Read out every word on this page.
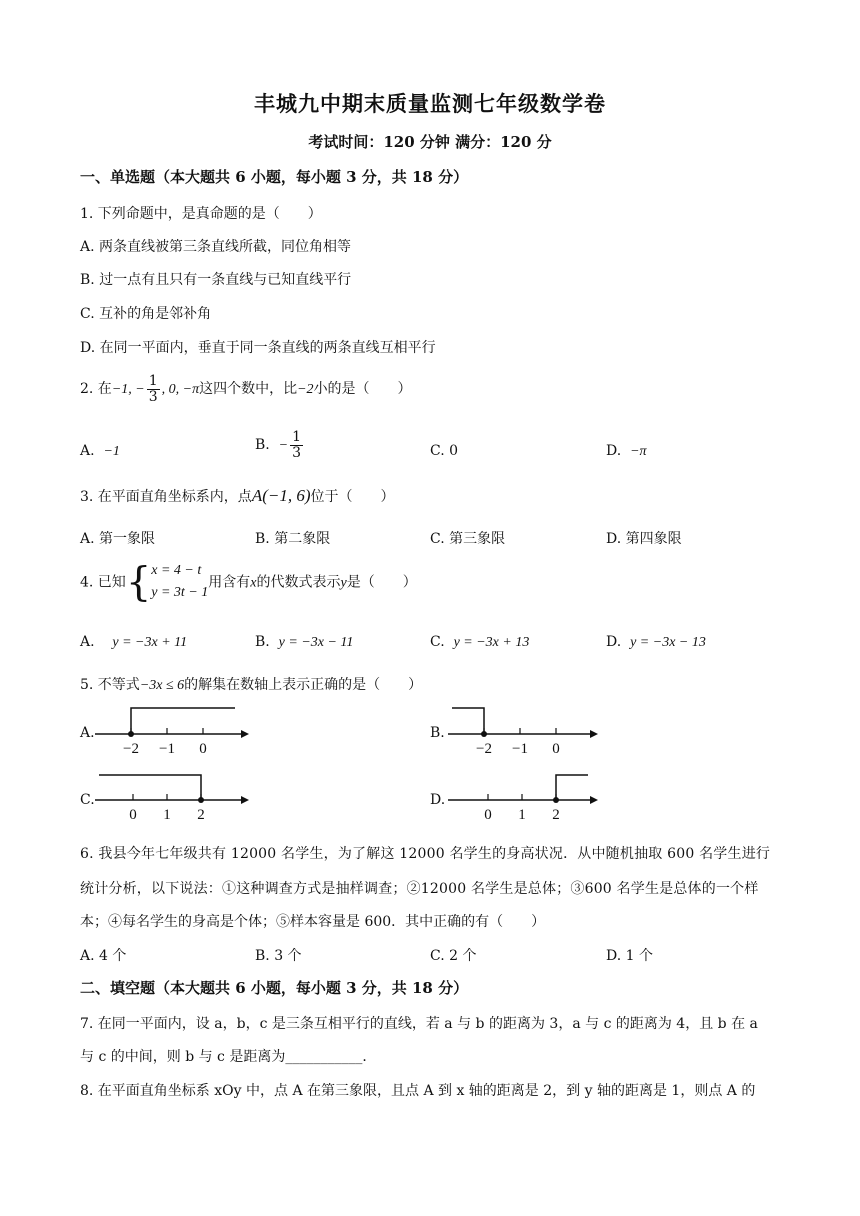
丰城九中期末质量监测七年级数学卷
考试时间：120 分钟 满分：120 分
一、单选题（本大题共 6 小题，每小题 3 分，共 18 分）
1. 下列命题中，是真命题的是（　　）
A. 两条直线被第三条直线所截，同位角相等
B. 过一点有且只有一条直线与已知直线平行
C. 互补的角是邻补角
D. 在同一平面内，垂直于同一条直线的两条直线互相平行
2. 在−1, − $\frac{1}{3}$ , 0, −π这四个数中，比−2小的是（　　）
A. −1	B. − $\frac{1}{3}$	C. 0	D. −π
3. 在平面直角坐标系内，点A(−1, 6)位于（　　）
A. 第一象限	B. 第二象限	C. 第三象限	D. 第四象限
4. 已知{ x = 4 − t
y = 3t − 1
用含有x的代数式表示y是（　　）
A. y = −3x + 11	B. y = −3x − 11	C. y = −3x + 13	D. y = −3x − 13
5. 不等式−3x ≤ 6的解集在数轴上表示正确的是（　　）
A.
−2 −1 0
B.
−2 −1 0
C.
0 1 2
D.
0 1 2
6. 我县今年七年级共有 12000 名学生，为了解这 12000 名学生的身高状况．从中随机抽取 600 名学生进行
统计分析，以下说法：①这种调查方式是抽样调查；②12000 名学生是总体；③600 名学生是总体的一个样
本；④每名学生的身高是个体；⑤样本容量是 600．其中正确的有（　　）
A. 4 个	B. 3 个	C. 2 个	D. 1 个
二、填空题（本大题共 6 小题，每小题 3 分，共 18 分）
7. 在同一平面内，设 a，b，c 是三条互相平行的直线，若 a 与 b 的距离为 3，a 与 c 的距离为 4，且 b 在 a
与 c 的中间，则 b 与 c 是距离为___________．
8. 在平面直角坐标系 xOy 中，点 A 在第三象限，且点 A 到 x 轴的距离是 2，到 y 轴的距离是 1，则点 A 的
